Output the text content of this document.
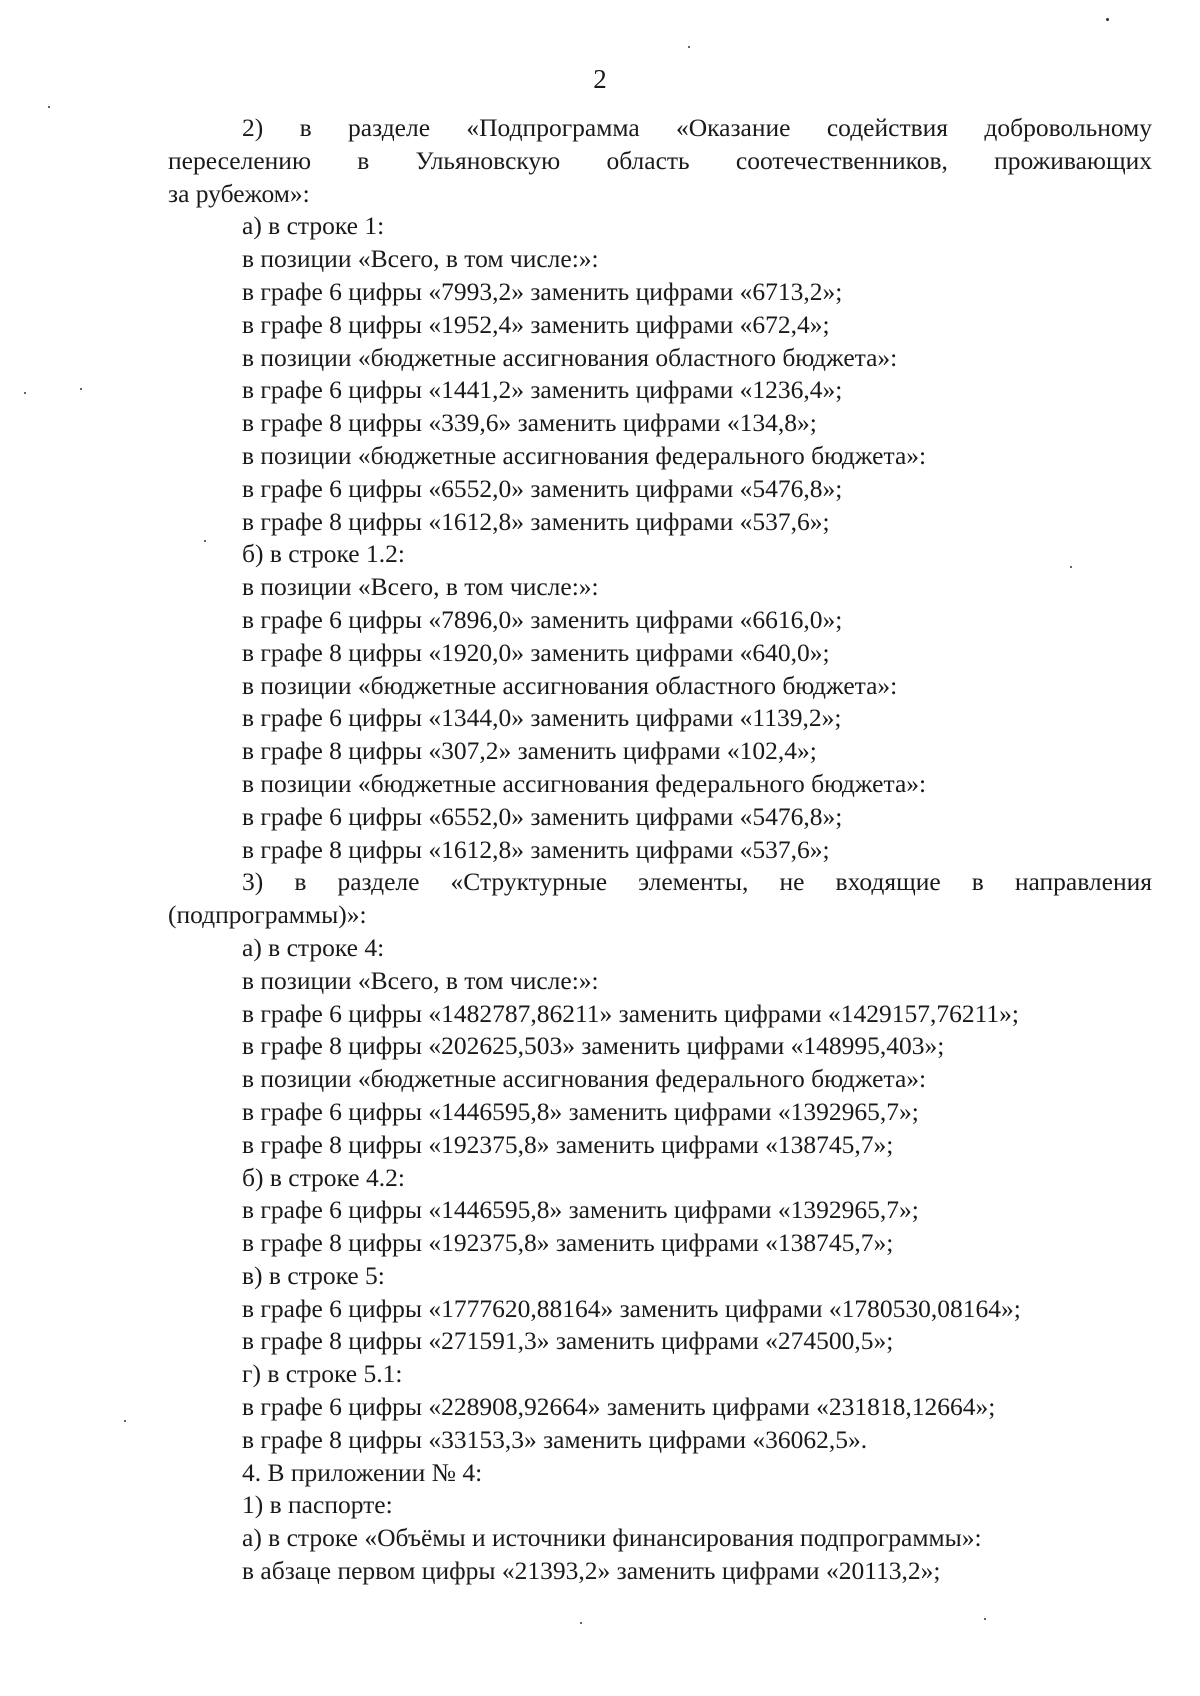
2
2) в разделе «Подпрограмма «Оказание содействия добровольному
переселению в Ульяновскую область соотечественников, проживающих
за рубежом»:
а) в строке 1:
в позиции «Всего, в том числе:»:
в графе 6 цифры «7993,2» заменить цифрами «6713,2»;
в графе 8 цифры «1952,4» заменить цифрами «672,4»;
в позиции «бюджетные ассигнования областного бюджета»:
в графе 6 цифры «1441,2» заменить цифрами «1236,4»;
в графе 8 цифры «339,6» заменить цифрами «134,8»;
в позиции «бюджетные ассигнования федерального бюджета»:
в графе 6 цифры «6552,0» заменить цифрами «5476,8»;
в графе 8 цифры «1612,8» заменить цифрами «537,6»;
б) в строке 1.2:
в позиции «Всего, в том числе:»:
в графе 6 цифры «7896,0» заменить цифрами «6616,0»;
в графе 8 цифры «1920,0» заменить цифрами «640,0»;
в позиции «бюджетные ассигнования областного бюджета»:
в графе 6 цифры «1344,0» заменить цифрами «1139,2»;
в графе 8 цифры «307,2» заменить цифрами «102,4»;
в позиции «бюджетные ассигнования федерального бюджета»:
в графе 6 цифры «6552,0» заменить цифрами «5476,8»;
в графе 8 цифры «1612,8» заменить цифрами «537,6»;
3) в разделе «Структурные элементы, не входящие в направления
(подпрограммы)»:
а) в строке 4:
в позиции «Всего, в том числе:»:
в графе 6 цифры «1482787,86211» заменить цифрами «1429157,76211»;
в графе 8 цифры «202625,503» заменить цифрами «148995,403»;
в позиции «бюджетные ассигнования федерального бюджета»:
в графе 6 цифры «1446595,8» заменить цифрами «1392965,7»;
в графе 8 цифры «192375,8» заменить цифрами «138745,7»;
б) в строке 4.2:
в графе 6 цифры «1446595,8» заменить цифрами «1392965,7»;
в графе 8 цифры «192375,8» заменить цифрами «138745,7»;
в) в строке 5:
в графе 6 цифры «1777620,88164» заменить цифрами «1780530,08164»;
в графе 8 цифры «271591,3» заменить цифрами «274500,5»;
г) в строке 5.1:
в графе 6 цифры «228908,92664» заменить цифрами «231818,12664»;
в графе 8 цифры «33153,3» заменить цифрами «36062,5».
4. В приложении № 4:
1) в паспорте:
а) в строке «Объёмы и источники финансирования подпрограммы»:
в абзаце первом цифры «21393,2» заменить цифрами «20113,2»;
